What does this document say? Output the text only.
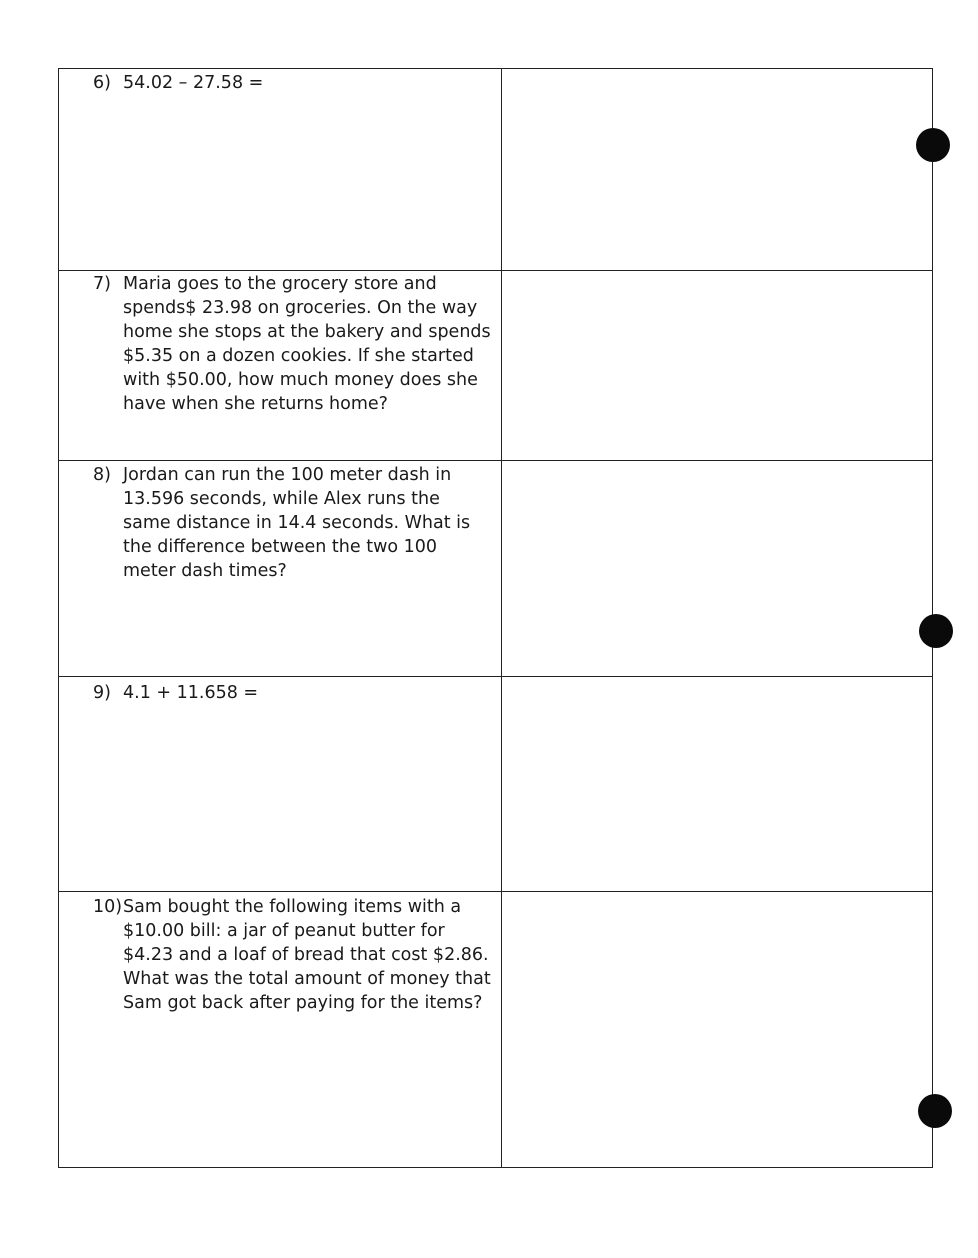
6) 54.02 – 27.58 =
7) Maria goes to the grocery store and spends$ 23.98 on groceries. On the way home she stops at the bakery and spends $5.35 on a dozen cookies. If she started with $50.00, how much money does she have when she returns home?
8) Jordan can run the 100 meter dash in 13.596 seconds, while Alex runs the same distance in 14.4 seconds. What is the difference between the two 100 meter dash times?
9) 4.1 + 11.658 =
10) Sam bought the following items with a $10.00 bill: a jar of peanut butter for $4.23 and a loaf of bread that cost $2.86. What was the total amount of money that Sam got back after paying for the items?
